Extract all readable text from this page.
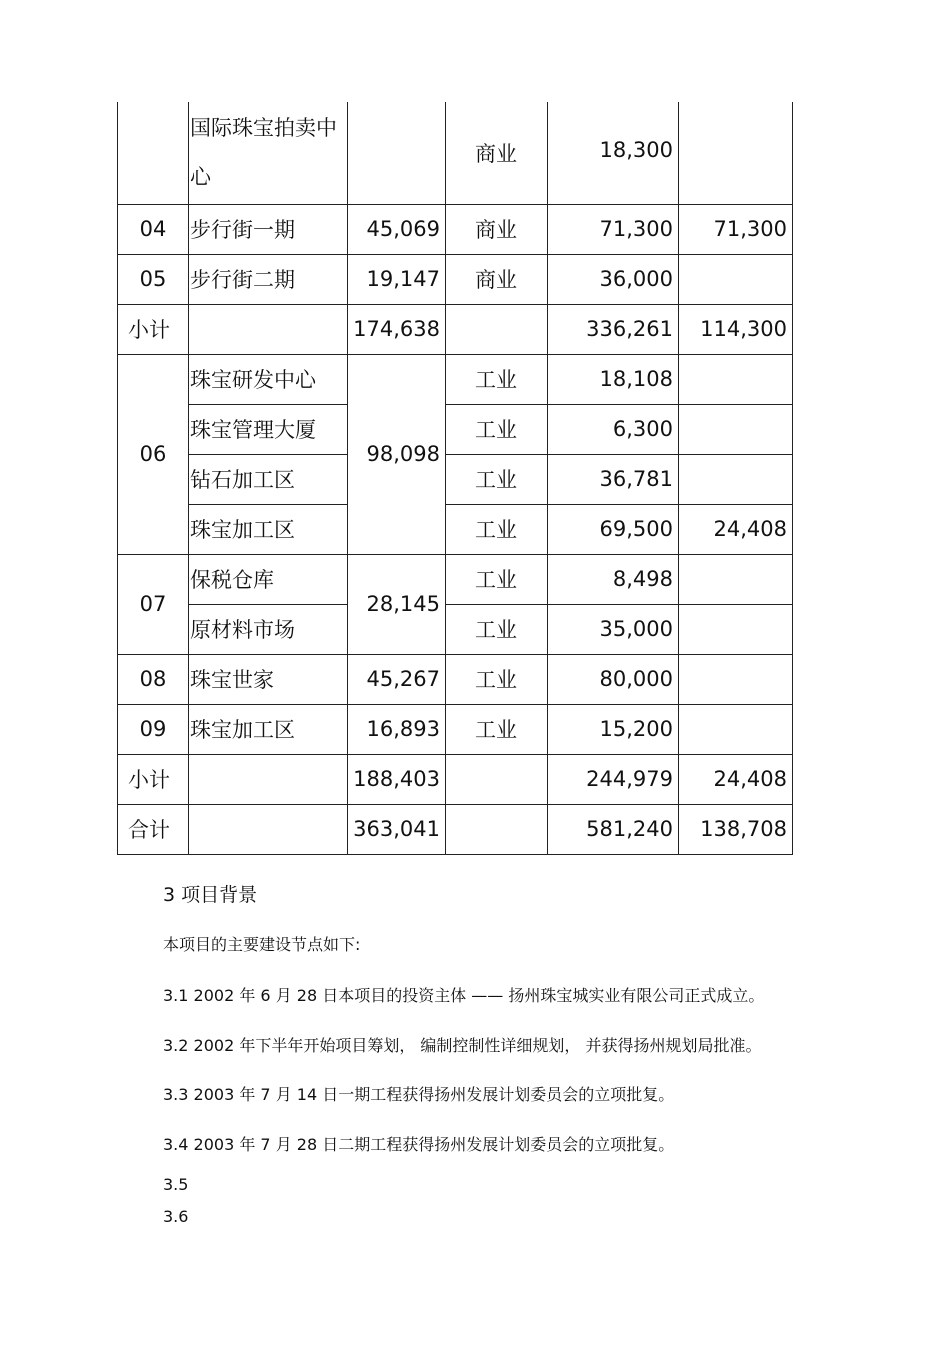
	国际珠宝拍卖中心		商业	18,300	
04	步行街一期	45,069	商业	71,300	71,300
05	步行街二期	19,147	商业	36,000	
小计		174,638		336,261	114,300
06	珠宝研发中心	98,098	工业	18,108	
	珠宝管理大厦		工业	6,300	
	钻石加工区		工业	36,781	
	珠宝加工区		工业	69,500	24,408
07	保税仓库	28,145	工业	8,498	
	原材料市场		工业	35,000	
08	珠宝世家	45,267	工业	80,000	
09	珠宝加工区	16,893	工业	15,200	
小计		188,403		244,979	24,408
合计		363,041		581,240	138,708
3 项目背景
本项目的主要建设节点如下:
3.1 2002 年 6 月 28 日本项目的投资主体 —— 扬州珠宝城实业有限公司正式成立。
3.2 2002 年下半年开始项目筹划， 编制控制性详细规划， 并获得扬州规划局批准。
3.3 2003 年 7 月 14 日一期工程获得扬州发展计划委员会的立项批复。
3.4 2003 年 7 月 28 日二期工程获得扬州发展计划委员会的立项批复。
3.5
3.6
